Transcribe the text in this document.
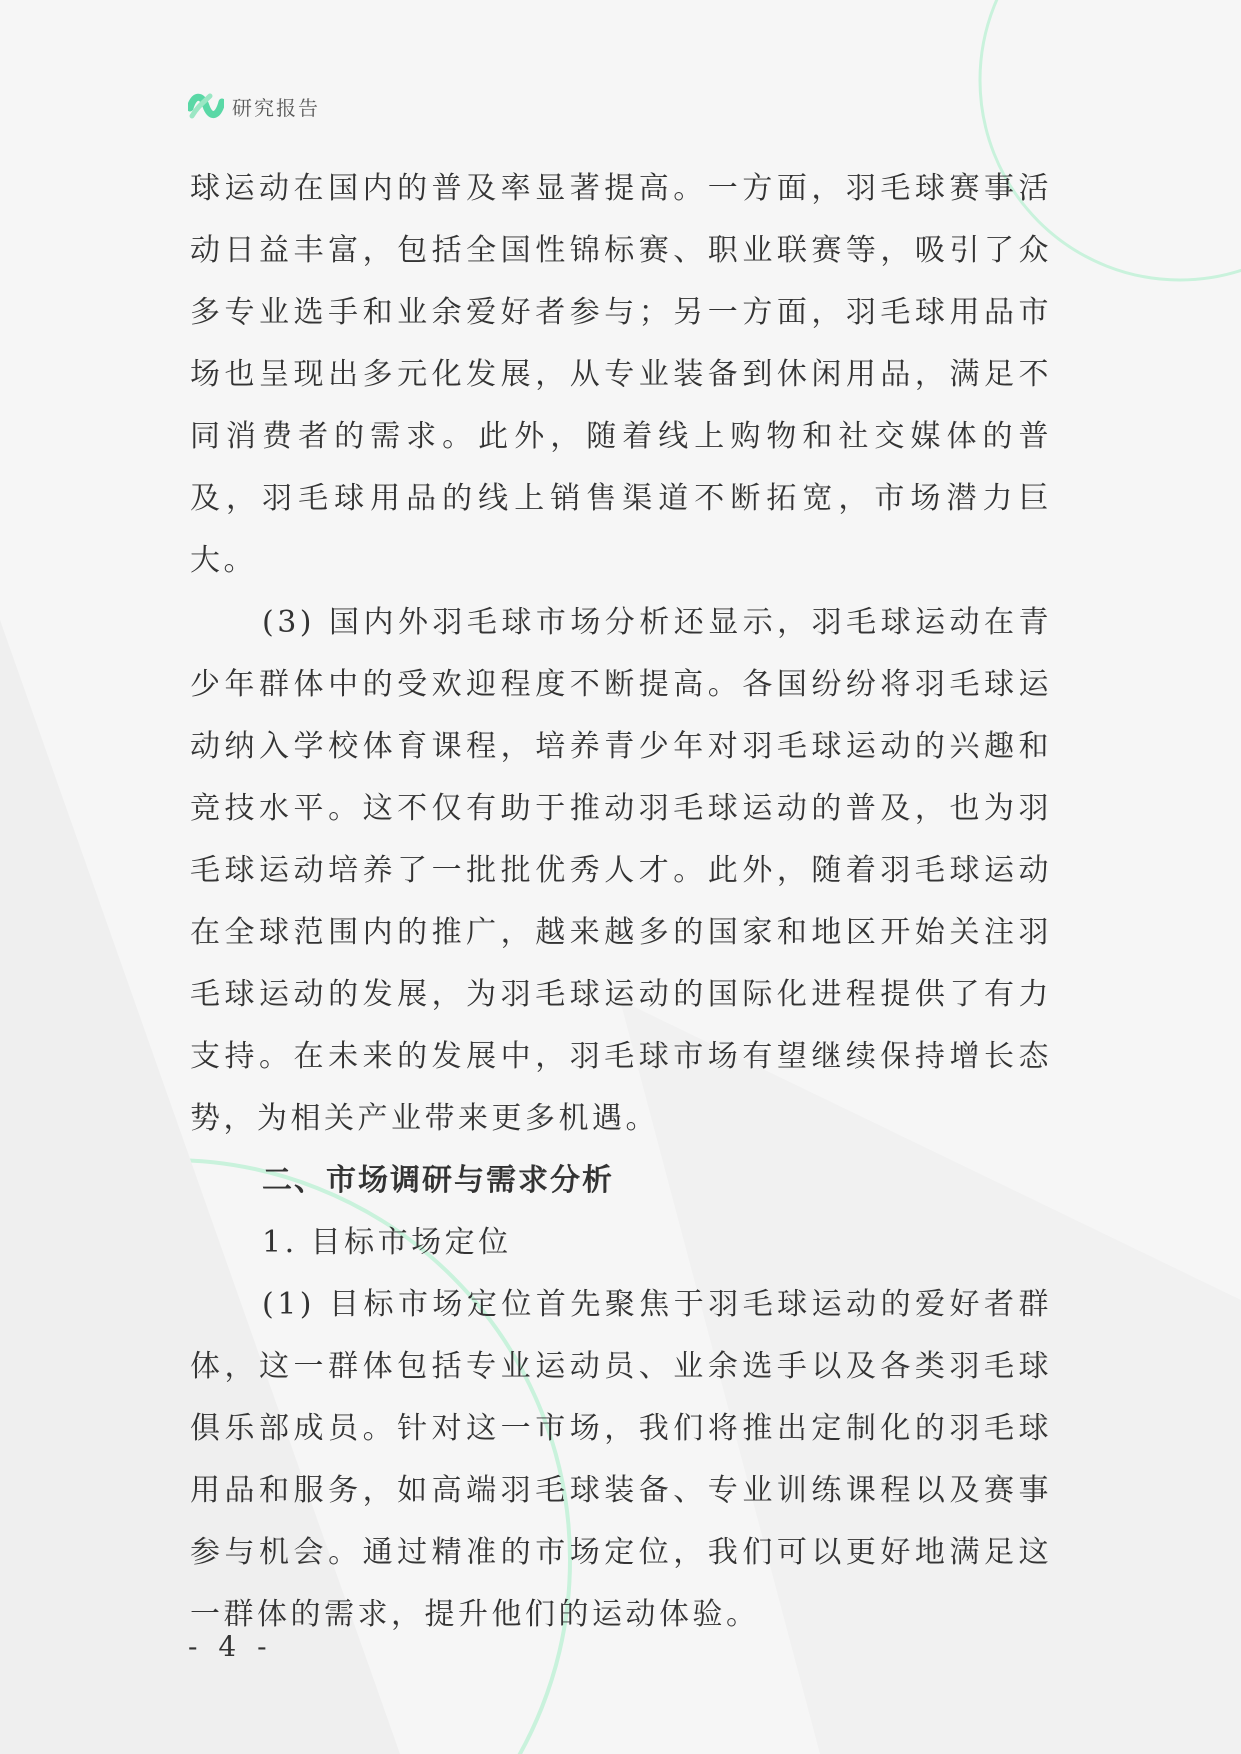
研究报告

球运动在国内的普及率显著提高。一方面，羽毛球赛事活动日益丰富，包括全国性锦标赛、职业联赛等，吸引了众多专业选手和业余爱好者参与；另一方面，羽毛球用品市场也呈现出多元化发展，从专业装备到休闲用品，满足不同消费者的需求。此外，随着线上购物和社交媒体的普及，羽毛球用品的线上销售渠道不断拓宽，市场潜力巨大。

(3) 国内外羽毛球市场分析还显示，羽毛球运动在青少年群体中的受欢迎程度不断提高。各国纷纷将羽毛球运动纳入学校体育课程，培养青少年对羽毛球运动的兴趣和竞技水平。这不仅有助于推动羽毛球运动的普及，也为羽毛球运动培养了一批批优秀人才。此外，随着羽毛球运动在全球范围内的推广，越来越多的国家和地区开始关注羽毛球运动的发展，为羽毛球运动的国际化进程提供了有力支持。在未来的发展中，羽毛球市场有望继续保持增长态势，为相关产业带来更多机遇。

二、市场调研与需求分析

1. 目标市场定位

(1) 目标市场定位首先聚焦于羽毛球运动的爱好者群体，这一群体包括专业运动员、业余选手以及各类羽毛球俱乐部成员。针对这一市场，我们将推出定制化的羽毛球用品和服务，如高端羽毛球装备、专业训练课程以及赛事参与机会。通过精准的市场定位，我们可以更好地满足这一群体的需求，提升他们的运动体验。

- 4 -
